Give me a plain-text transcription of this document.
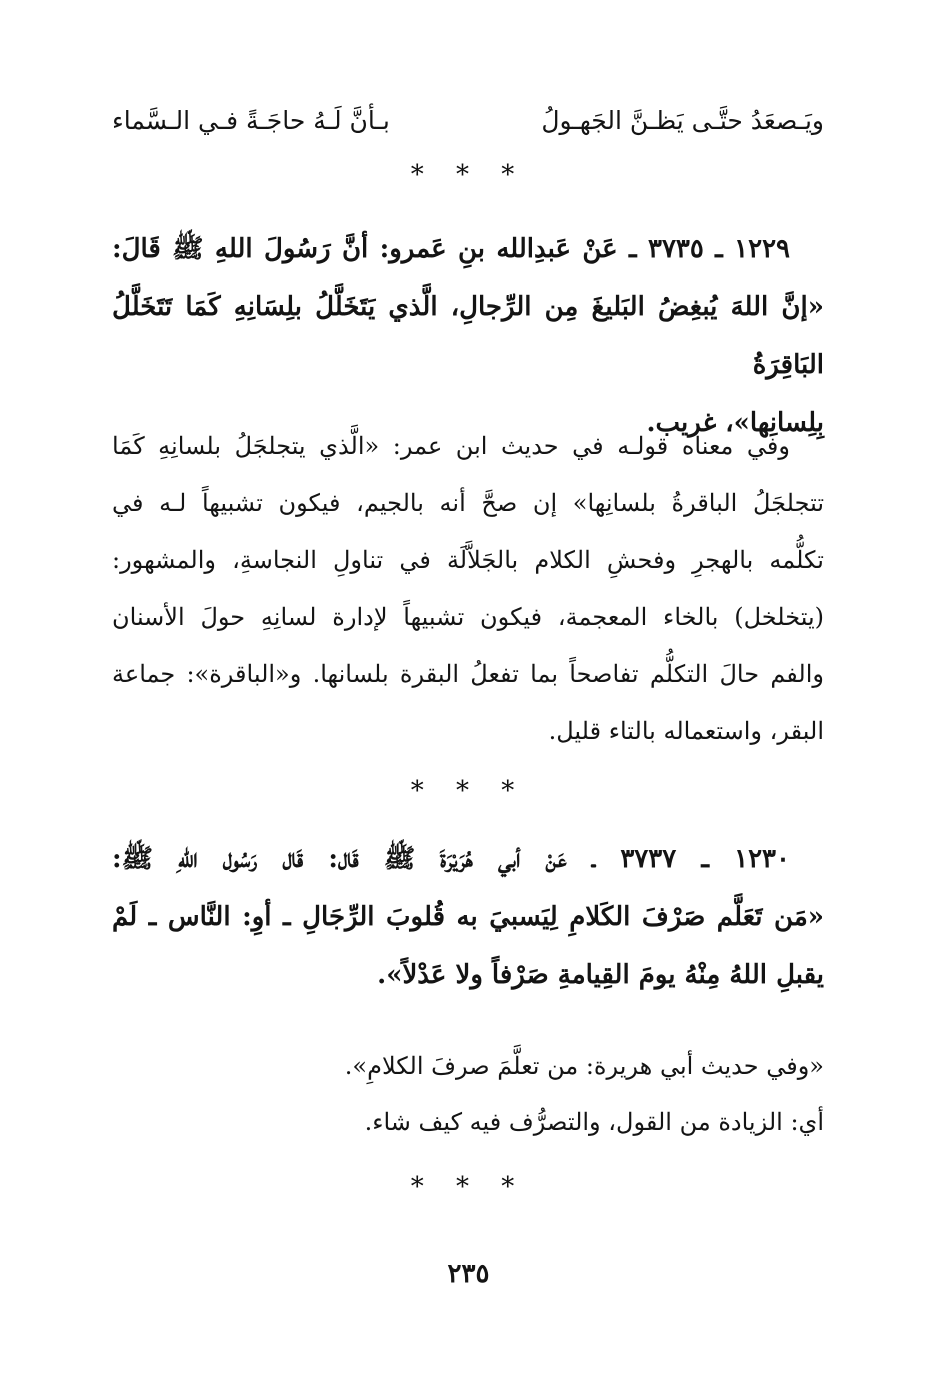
ويَـصعَدُ حتَّـى يَظـنَّ الجَهـولُ
بـأنَّ لَـهُ حاجَـةً فـي الـسَّماء
* * *
١٢٢٩ ـ ٣٧٣٥ ـ عَنْ عَبدِالله بنِ عَمرو: أنَّ رَسُولَ اللهِ ﷺ قَالَ:
«إنَّ اللهَ يُبغِضُ البَليغَ مِن الرِّجالِ، الَّذي يَتَخَلَّلُ بلِسَانِهِ كَمَا تَتَخَلَّلُ البَاقِرَةُ
بِلِسانِها»، غريب.
وفي معناه قولـه في حديث ابن عمر: «الَّذي يتجلجَلُ بلسانِهِ كَمَا
تتجلجَلُ الباقرةُ بلسانِها» إن صحَّ أنه بالجيم، فيكون تشبيهاً لـه في
تكلُّمه بالهجرِ وفحشِ الكلام بالجَلاَّلَة في تناولِ النجاسةِ، والمشهور:
(يتخلخل) بالخاء المعجمة، فيكون تشبيهاً لإدارة لسانِهِ حولَ الأسنان
والفم حالَ التكلُّم تفاصحاً بما تفعلُ البقرة بلسانها. و«الباقرة»: جماعة
البقر، واستعماله بالتاء قليل.
* * *
١٢٣٠ ـ ٣٧٣٧ ـ عَنْ أبي هُرَيْرَةَ ﷺ قَال: قَال رَسُول اللهِ ﷺ:
«مَن تَعَلَّم صَرْفَ الكَلامِ لِيَسبيَ به قُلوبَ الرِّجَالِ ـ أوِ: النَّاس ـ لَمْ
يقبلِ اللهُ مِنْهُ يومَ القِيامةِ صَرْفاً ولا عَدْلاً».
«وفي حديث أبي هريرة: من تعلَّمَ صرفَ الكلامِ».
أي: الزيادة من القول، والتصرُّف فيه كيف شاء.
* * *
٢٣٥
